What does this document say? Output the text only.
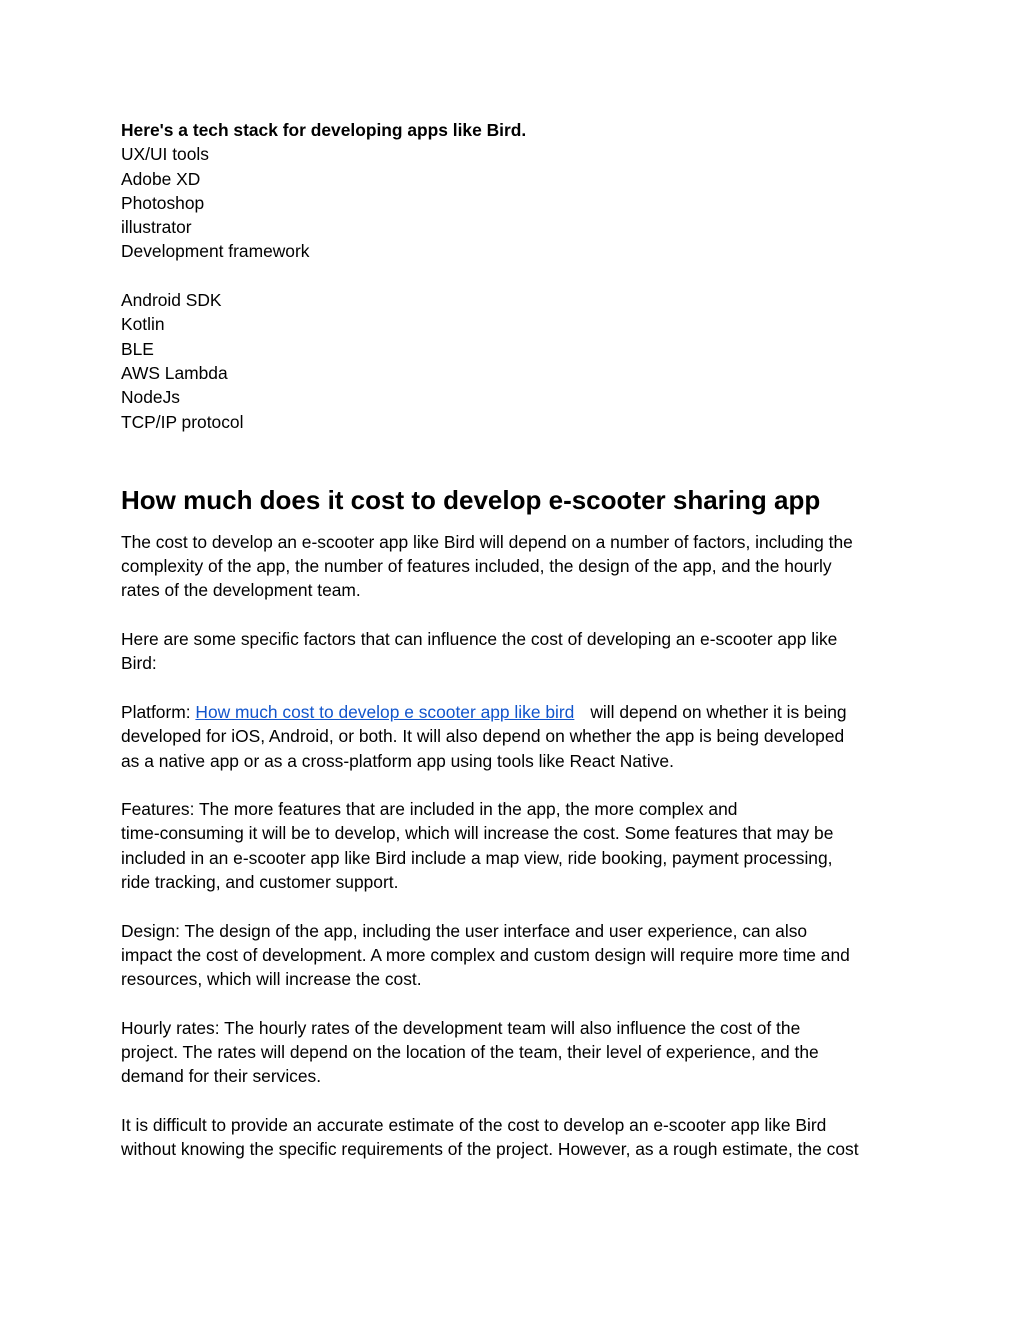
Here's a tech stack for developing apps like Bird.
UX/UI tools
Adobe XD
Photoshop
illustrator
Development framework
Android SDK
Kotlin
BLE
AWS Lambda
NodeJs
TCP/IP protocol
How much does it cost to develop e-scooter sharing app

The cost to develop an e-scooter app like Bird will depend on a number of factors, including the
complexity of the app, the number of features included, the design of the app, and the hourly
rates of the development team.

Here are some specific factors that can influence the cost of developing an e-scooter app like
Bird:

Platform: How much cost to develop e scooter app like bird will depend on whether it is being
developed for iOS, Android, or both. It will also depend on whether the app is being developed
as a native app or as a cross-platform app using tools like React Native.

Features: The more features that are included in the app, the more complex and
time-consuming it will be to develop, which will increase the cost. Some features that may be
included in an e-scooter app like Bird include a map view, ride booking, payment processing,
ride tracking, and customer support.

Design: The design of the app, including the user interface and user experience, can also
impact the cost of development. A more complex and custom design will require more time and
resources, which will increase the cost.

Hourly rates: The hourly rates of the development team will also influence the cost of the
project. The rates will depend on the location of the team, their level of experience, and the
demand for their services.

It is difficult to provide an accurate estimate of the cost to develop an e-scooter app like Bird
without knowing the specific requirements of the project. However, as a rough estimate, the cost
